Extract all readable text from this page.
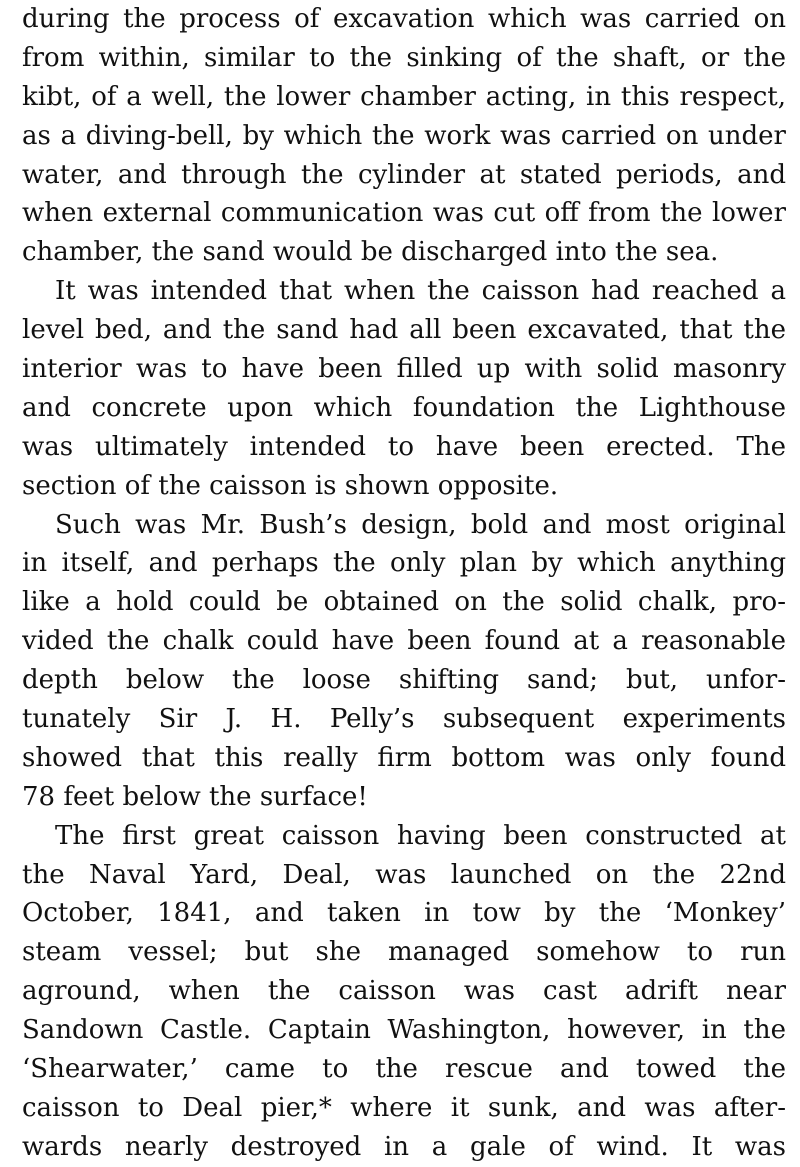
during the process of excavation which was carried on
from within, similar to the sinking of the shaft, or the
kibt, of a well, the lower chamber acting, in this respect,
as a diving-bell, by which the work was carried on under
water, and through the cylinder at stated periods, and
when external communication was cut off from the lower
chamber, the sand would be discharged into the sea.
It was intended that when the caisson had reached a
level bed, and the sand had all been excavated, that the
interior was to have been filled up with solid masonry
and concrete upon which foundation the Lighthouse
was ultimately intended to have been erected. The
section of the caisson is shown opposite.
Such was Mr. Bush’s design, bold and most original
in itself, and perhaps the only plan by which anything
like a hold could be obtained on the solid chalk, pro-
vided the chalk could have been found at a reasonable
depth below the loose shifting sand; but, unfor-
tunately Sir J. H. Pelly’s subsequent experiments
showed that this really firm bottom was only found
78 feet below the surface!
The first great caisson having been constructed at
the Naval Yard, Deal, was launched on the 22nd
October, 1841, and taken in tow by the ‘Monkey’
steam vessel; but she managed somehow to run
aground, when the caisson was cast adrift near
Sandown Castle. Captain Washington, however, in the
‘Shearwater,’ came to the rescue and towed the
caisson to Deal pier,* where it sunk, and was after-
wards nearly destroyed in a gale of wind. It was
